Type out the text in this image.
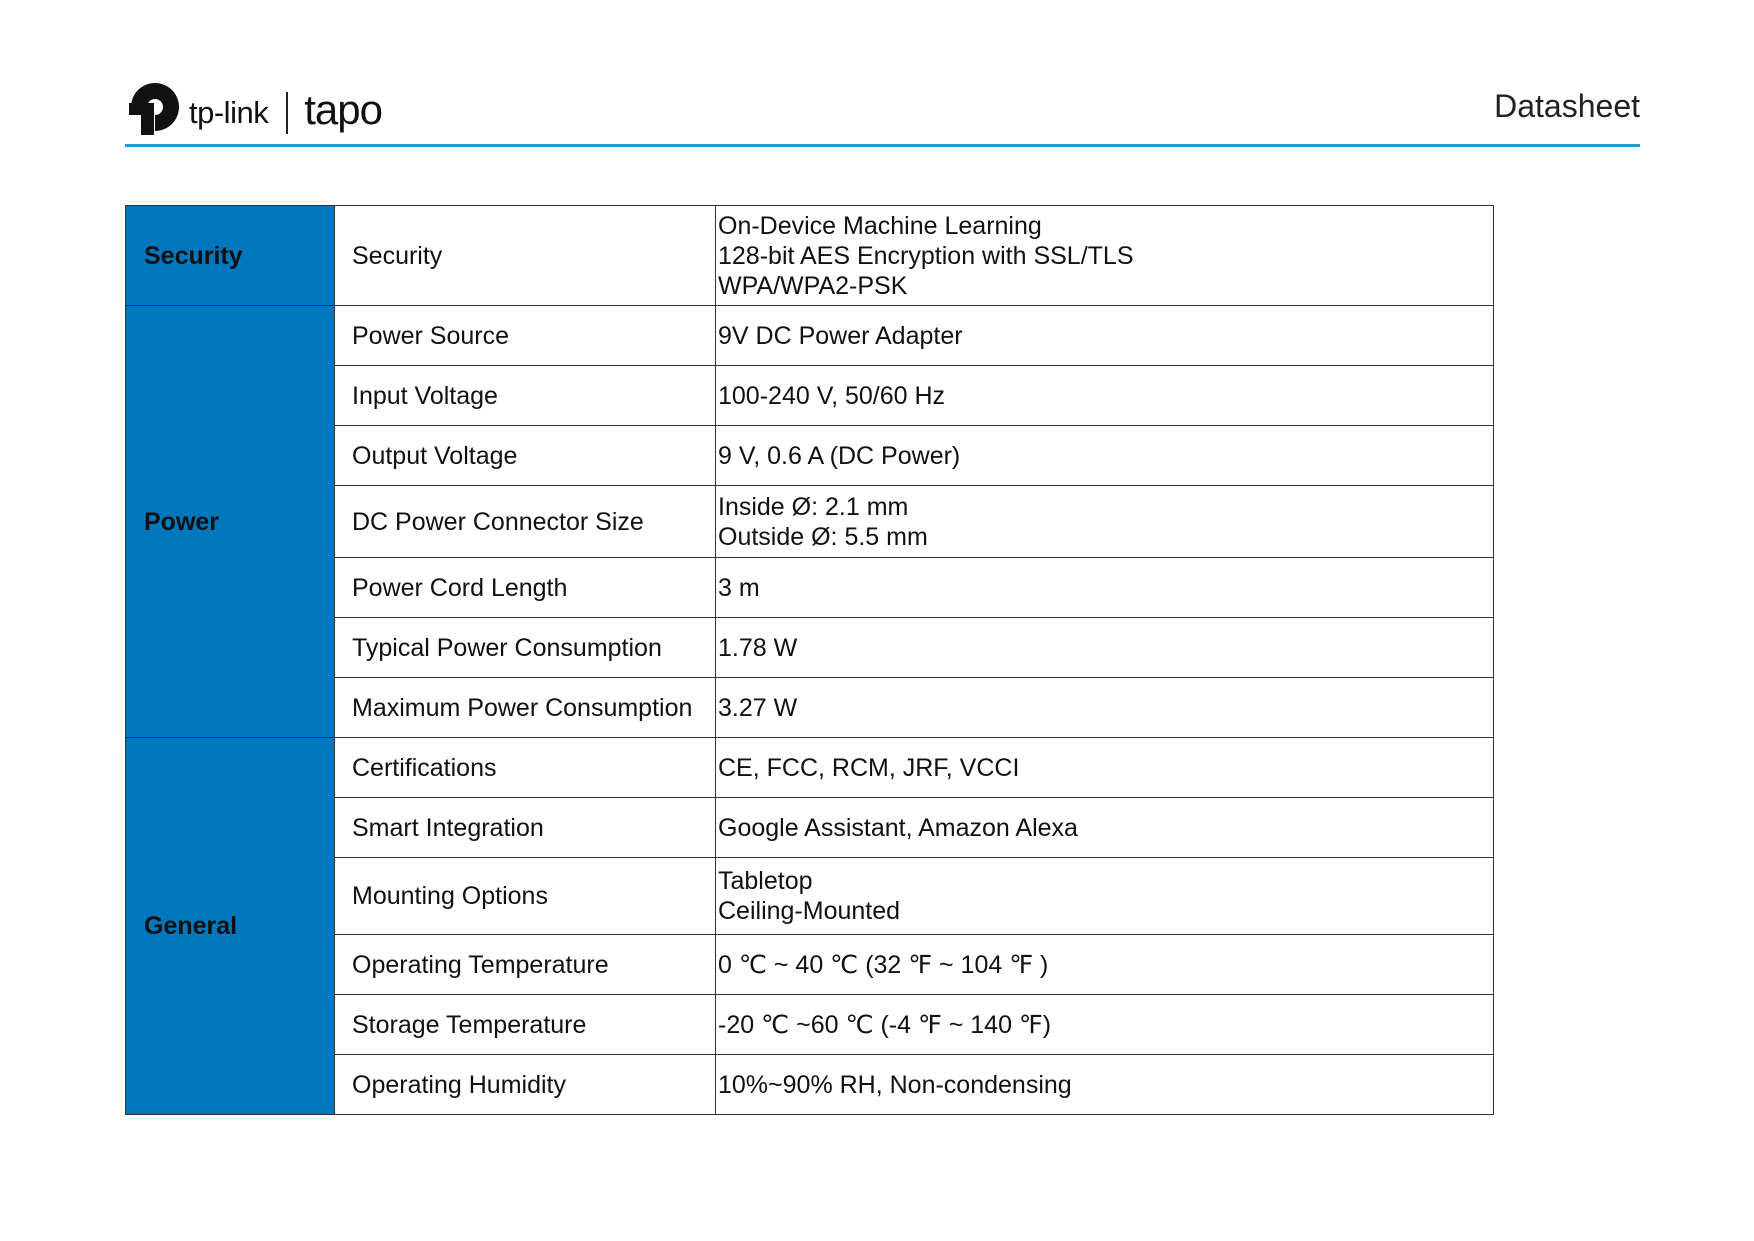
tp-link tapo	Datasheet
Security	Security	On-Device Machine Learning
128-bit AES Encryption with SSL/TLS
WPA/WPA2-PSK

Power	Power Source	9V DC Power Adapter

	Input Voltage	100-240 V, 50/60 Hz

	Output Voltage	9 V, 0.6 A (DC Power)

	DC Power Connector Size	Inside Ø: 2.1 mm
Outside Ø: 5.5 mm

	Power Cord Length	3 m

	Typical Power Consumption	1.78 W

	Maximum Power Consumption	3.27 W

General	Certifications	CE, FCC, RCM, JRF, VCCI

	Smart Integration	Google Assistant, Amazon Alexa

	Mounting Options	Tabletop
Ceiling-Mounted

	Operating Temperature	0 ℃ ~ 40 ℃ (32 ℉ ~ 104 ℉ )

	Storage Temperature	-20 ℃ ~60 ℃ (-4 ℉ ~ 140 ℉)

	Operating Humidity	10%~90% RH, Non-condensing
